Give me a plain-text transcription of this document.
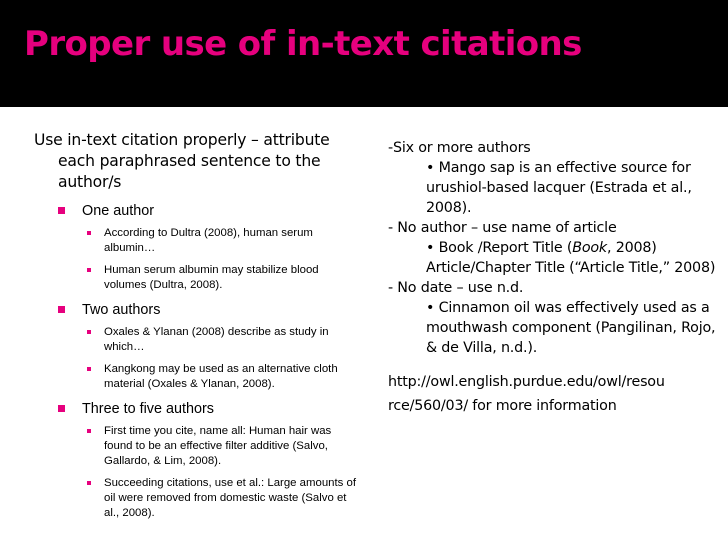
Proper use of in-text citations
Use in-text citation properly – attribute each paraphrased sentence to the author/s
One author
According to Dultra (2008), human serum albumin…
Human serum albumin may stabilize blood volumes (Dultra, 2008).
Two authors
Oxales & Ylanan (2008) describe as study in which…
Kangkong may be used as an alternative cloth material (Oxales & Ylanan, 2008).
Three to five authors
First time you cite, name all: Human hair was found to be an effective filter additive (Salvo, Gallardo, & Lim, 2008).
Succeeding citations, use et al.: Large amounts of oil were removed from domestic waste (Salvo et al., 2008).
-Six or more authors
• Mango sap is an effective source for urushiol-based lacquer (Estrada et al., 2008).
- No author – use name of article
• Book /Report Title (Book, 2008)
Article/Chapter Title (“Article Title,” 2008)
- No date – use n.d.
• Cinnamon oil was effectively used as a mouthwash component (Pangilinan, Rojo, & de Villa, n.d.).
http://owl.english.purdue.edu/owl/resou
rce/560/03/ for more information
